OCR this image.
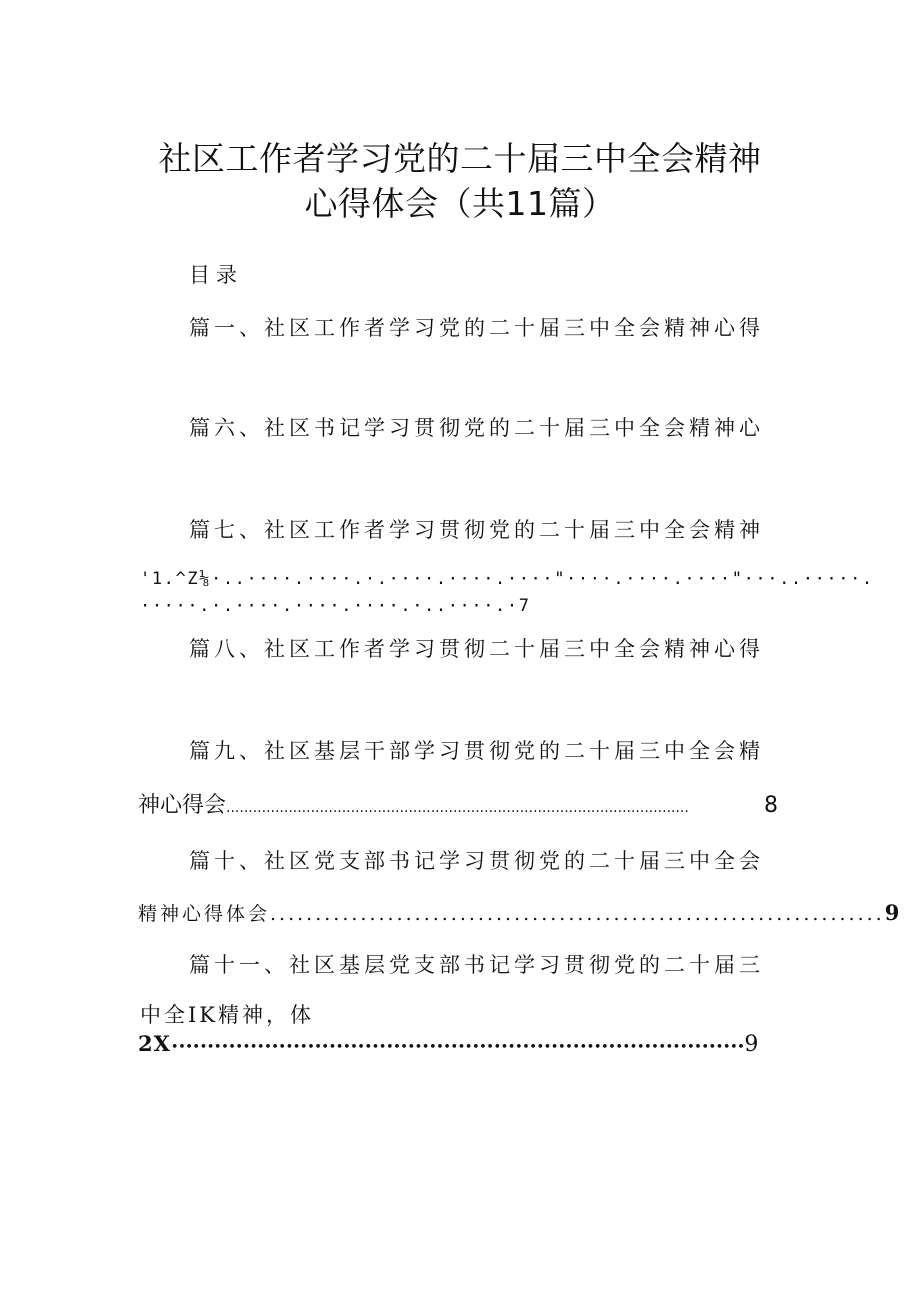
社区工作者学习党的二十届三中全会精神
心得体会（共11篇）
目录
篇一、社区工作者学习党的二十届三中全会精神心得
篇六、社区书记学习贯彻党的二十届三中全会精神心
篇七、社区工作者学习贯彻党的二十届三中全会精神
'1.^Z⅛·..····.····.·.····.····.····"····.····.····"···..·····.
·····.·.····.····.····.·..····.·7
篇八、社区工作者学习贯彻二十届三中全会精神心得
篇九、社区基层干部学习贯彻党的二十届三中全会精
神心得会 ........................................................................................................	8
篇十、社区党支部书记学习贯彻党的二十届三中全会
精神心得体会 .................................................................... 9
篇十一、社区基层党支部书记学习贯彻党的二十届三
中全IK精神，体
2X •••••••••••••••••••••••••••••••••••••••••••••••••••••••••••••••••••••••••••••••• 9
